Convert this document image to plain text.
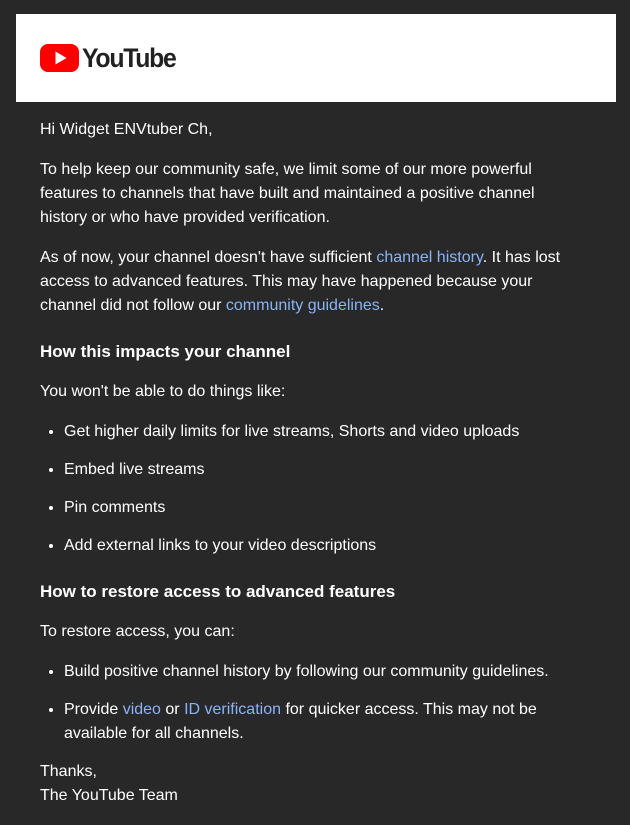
YouTube

Hi Widget ENVtuber Ch,

To help keep our community safe, we limit some of our more powerful features to channels that have built and maintained a positive channel history or who have provided verification.

As of now, your channel doesn't have sufficient channel history. It has lost access to advanced features. This may have happened because your channel did not follow our community guidelines.

How this impacts your channel

You won't be able to do things like:

• Get higher daily limits for live streams, Shorts and video uploads
• Embed live streams
• Pin comments
• Add external links to your video descriptions
How to restore access to advanced features

To restore access, you can:

• Build positive channel history by following our community guidelines.
• Provide video or ID verification for quicker access. This may not be available for all channels.

Thanks,

The YouTube Team
